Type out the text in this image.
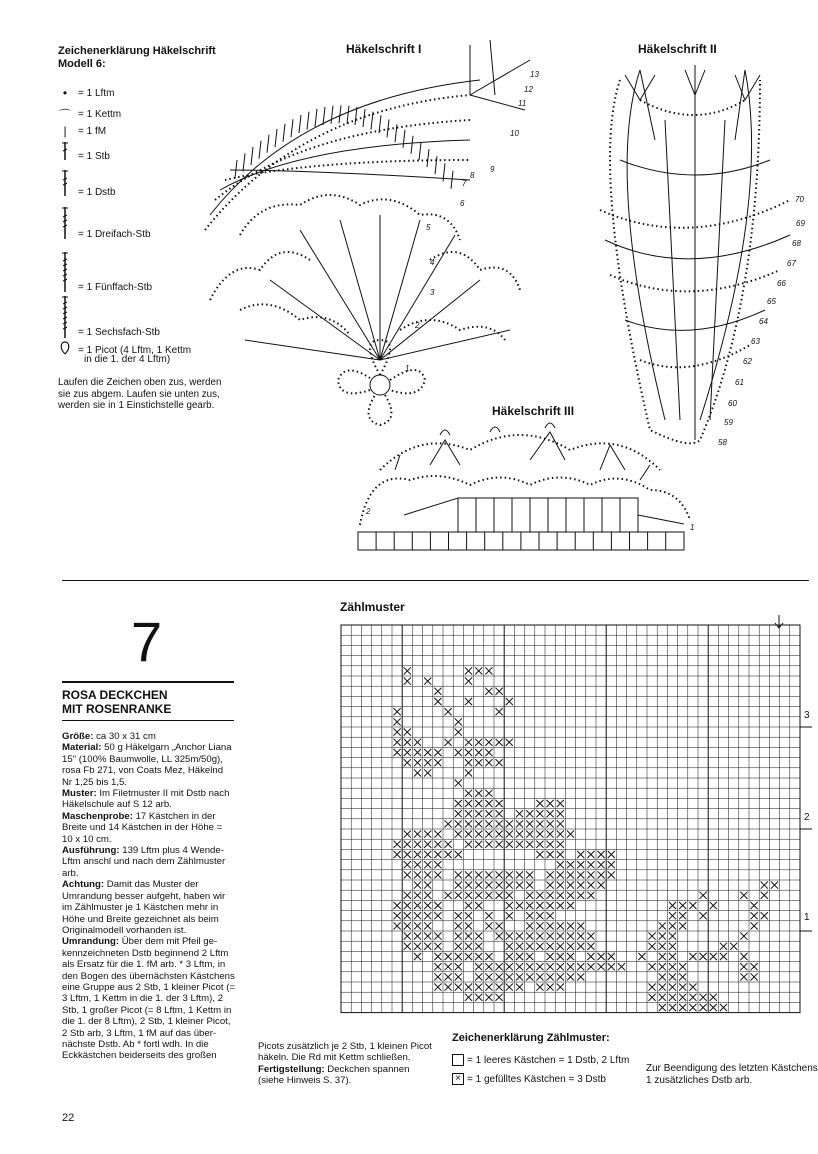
Zeichenerklärung Häkelschrift
Modell 6:
•	= 1 Lftm
⌒ = 1 Kettm
|	= 1 fM
= 1 Stb
= 1 Dstb
= 1 Dreifach-Stb
= 1 Fünffach-Stb
= 1 Sechsfach-Stb
= 1 Picot (4 Lftm, 1 Kettm
in die 1. der 4 Lftm)
Laufen die Zeichen oben zus, werden
sie zus abgem. Laufen sie unten zus,
werden sie in 1 Einstichstelle gearb.
Häkelschrift I	Häkelschrift II
Häkelschrift III
13
12
11
10
9
8
7
6
5
4
3
2
1
70
69
68
67
66
65
64
63
62
61
60
59
58
2
1
7
ROSA DECKCHEN
MIT ROSENRANKE
Größe: ca 30 x 31 cm
Material: 50 g Häkelgarn „Anchor Liana
15" (100% Baumwolle, LL 325m/50g),
rosa Fb 271, von Coats Mez, Häkelnd
Nr 1,25 bis 1,5.
Muster: Im Filetmuster II mit Dstb nach
Häkelschule auf S 12 arb.
Maschenprobe: 17 Kästchen in der
Breite und 14 Kästchen in der Höhe =
10 x 10 cm.
Ausführung: 139 Lftm plus 4 Wende-
Lftm anschl und nach dem Zählmuster
arb.
Achtung: Damit das Muster der
Umrandung besser aufgeht, haben wir
im Zählmuster je 1 Kästchen mehr in
Höhe und Breite gezeichnet als beim
Originalmodell vorhanden ist.
Umrandung: Über dem mit Pfeil ge-
kennzeichneten Dstb beginnend 2 Lftm
als Ersatz für die 1. fM arb. * 3 Lftm, in
den Bogen des übernächsten Kästchens
eine Gruppe aus 2 Stb, 1 kleiner Picot (=
3 Lftm, 1 Kettm in die 1. der 3 Lftm), 2
Stb, 1 großer Picot (= 8 Lftm, 1 Kettm in
die 1. der 8 Lftm), 2 Stb, 1 kleiner Picot,
2 Stb arb, 3 Lftm, 1 fM auf das über-
nächste Dstb. Ab * fortl wdh. In die
Eckkästchen beiderseits des großen
Picots zusätzlich je 2 Stb, 1 kleinen Picot
häkeln. Die Rd mit Kettm schließen.
Fertigstellung: Deckchen spannen
(siehe Hinweis S. 37).
Zählmuster
3
2
1
Zeichenerklärung Zählmuster:
= 1 leeres Kästchen = 1 Dstb, 2 Lftm
× = 1 gefülltes Kästchen = 3 Dstb
Zur Beendigung des letzten Kästchens
1 zusätzliches Dstb arb.
22
